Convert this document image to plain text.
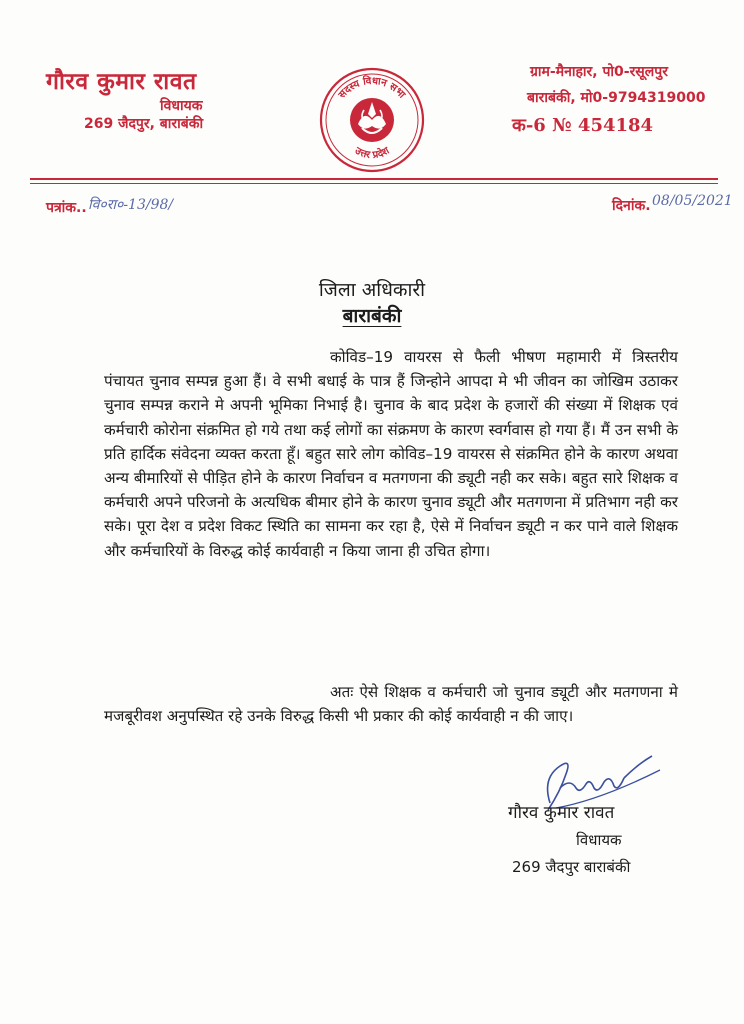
गौरव कुमार रावत
विधायक
269 जैदपुर, बाराबंकी
सदस्य विधान सभा
उत्तर प्रदेश
ग्राम-मैनाहार, पो0-रसूलपुर
बाराबंकी, मो0-9794319000
क-6 № 454184
पत्रांक.. वि०रा०-13/98/	दिनांक. 08/05/2021
जिला अधिकारी
बाराबंकी
कोविड–19 वायरस से फैली भीषण महामारी में त्रिस्तरीय पंचायत चुनाव सम्पन्न हुआ हैं। वे सभी बधाई के पात्र हैं जिन्होने आपदा मे भी जीवन का जोखिम उठाकर चुनाव सम्पन्न कराने मे अपनी भूमिका निभाई है। चुनाव के बाद प्रदेश के हजारों की संख्या में शिक्षक एवं कर्मचारी कोरोना संक्रमित हो गये तथा कई लोगों का संक्रमण के कारण स्वर्गवास हो गया हैं। मैं उन सभी के प्रति हार्दिक संवेदना व्यक्त करता हूँ। बहुत सारे लोग कोविड–19 वायरस से संक्रमित होने के कारण अथवा अन्य बीमारियों से पीड़ित होने के कारण निर्वाचन व मतगणना की ड्यूटी नही कर सके। बहुत सारे शिक्षक व कर्मचारी अपने परिजनो के अत्यधिक बीमार होने के कारण चुनाव ड्यूटी और मतगणना में प्रतिभाग नही कर सके। पूरा देश व प्रदेश विकट स्थिति का सामना कर रहा है, ऐसे में निर्वाचन ड्यूटी न कर पाने वाले शिक्षक और कर्मचारियों के विरुद्ध कोई कार्यवाही न किया जाना ही उचित होगा।
अतः ऐसे शिक्षक व कर्मचारी जो चुनाव ड्यूटी और मतगणना मे मजबूरीवश अनुपस्थित रहे उनके विरुद्ध किसी भी प्रकार की कोई कार्यवाही न की जाए।
गौरव कुमार रावत
विधायक
269 जैदपुर बाराबंकी
